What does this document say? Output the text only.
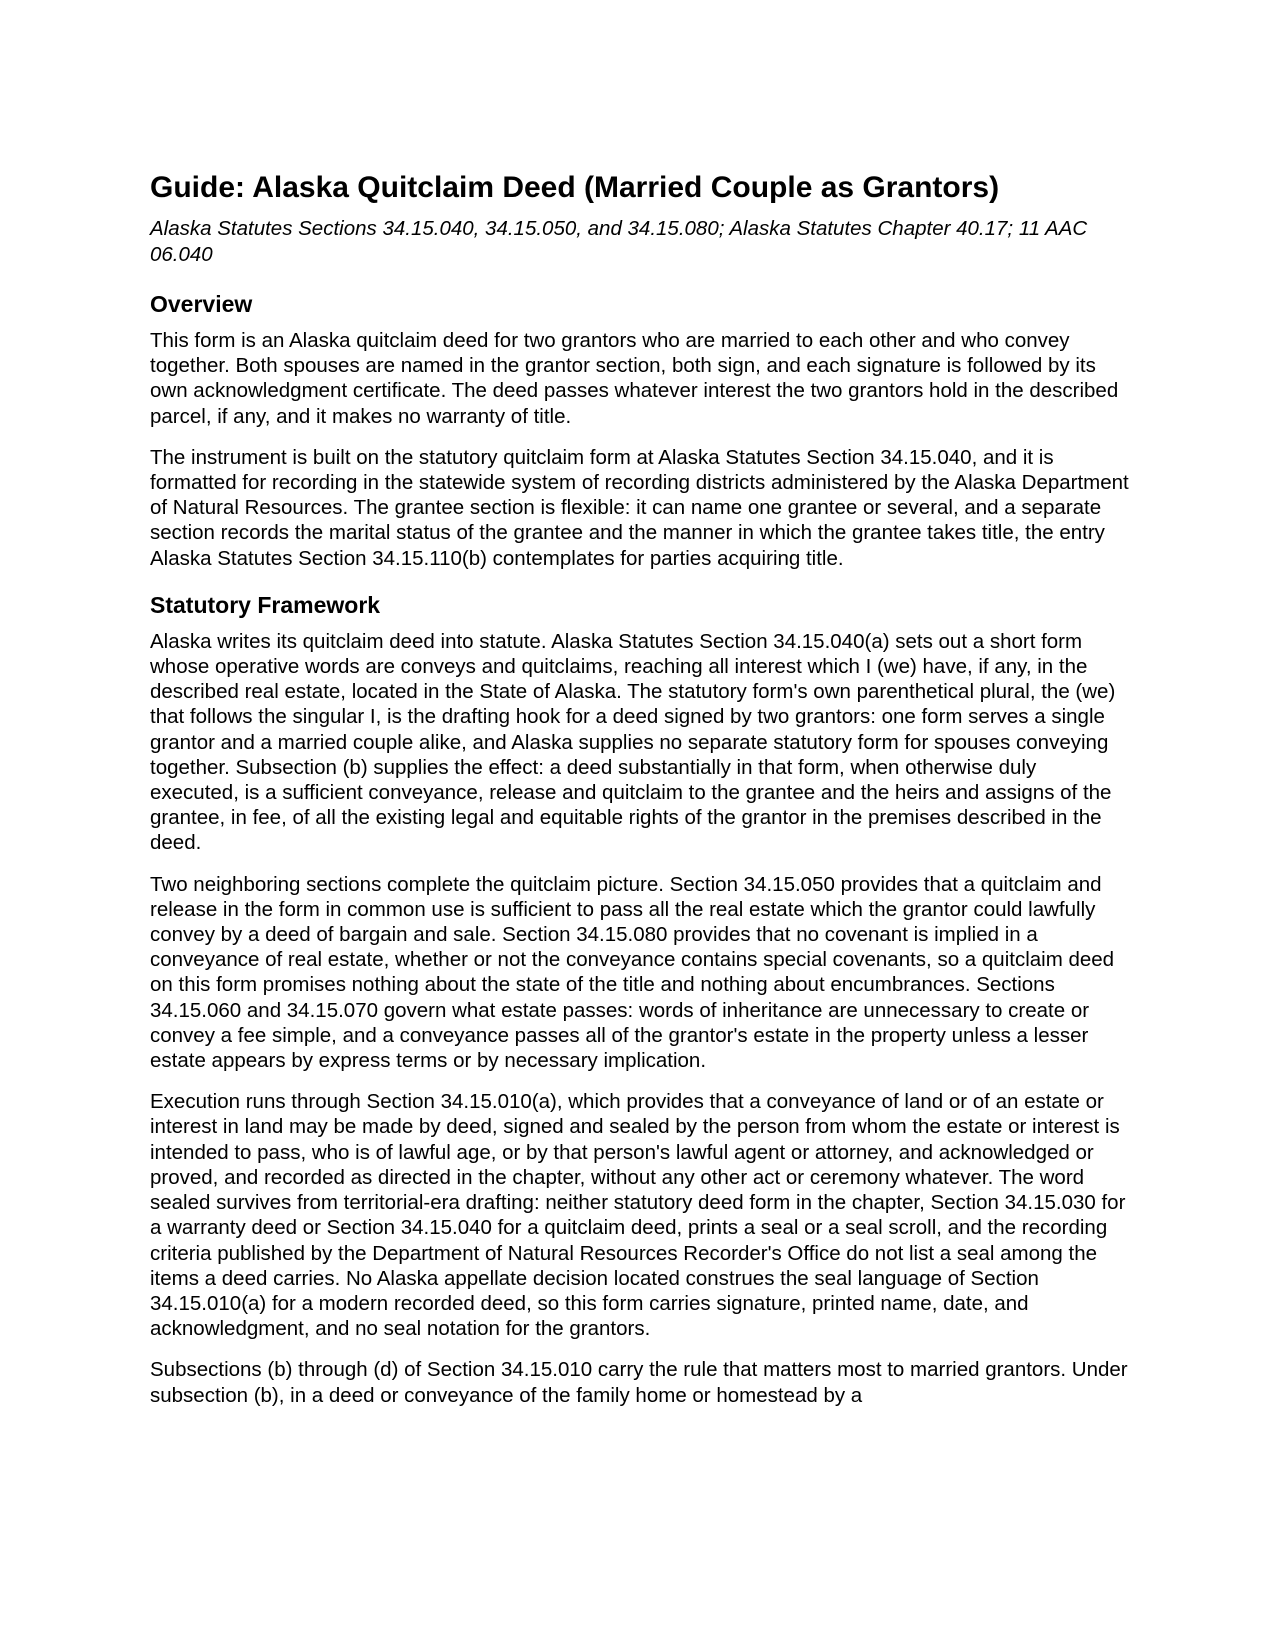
Guide: Alaska Quitclaim Deed (Married Couple as Grantors)
Alaska Statutes Sections 34.15.040, 34.15.050, and 34.15.080; Alaska Statutes Chapter 40.17; 11 AAC 06.040
Overview

This form is an Alaska quitclaim deed for two grantors who are married to each other and who convey together. Both spouses are named in the grantor section, both sign, and each signature is followed by its own acknowledgment certificate. The deed passes whatever interest the two grantors hold in the described parcel, if any, and it makes no warranty of title.

The instrument is built on the statutory quitclaim form at Alaska Statutes Section 34.15.040, and it is formatted for recording in the statewide system of recording districts administered by the Alaska Department of Natural Resources. The grantee section is flexible: it can name one grantee or several, and a separate section records the marital status of the grantee and the manner in which the grantee takes title, the entry Alaska Statutes Section 34.15.110(b) contemplates for parties acquiring title.

Statutory Framework

Alaska writes its quitclaim deed into statute. Alaska Statutes Section 34.15.040(a) sets out a short form whose operative words are conveys and quitclaims, reaching all interest which I (we) have, if any, in the described real estate, located in the State of Alaska. The statutory form's own parenthetical plural, the (we) that follows the singular I, is the drafting hook for a deed signed by two grantors: one form serves a single grantor and a married couple alike, and Alaska supplies no separate statutory form for spouses conveying together. Subsection (b) supplies the effect: a deed substantially in that form, when otherwise duly executed, is a sufficient conveyance, release and quitclaim to the grantee and the heirs and assigns of the grantee, in fee, of all the existing legal and equitable rights of the grantor in the premises described in the deed.

Two neighboring sections complete the quitclaim picture. Section 34.15.050 provides that a quitclaim and release in the form in common use is sufficient to pass all the real estate which the grantor could lawfully convey by a deed of bargain and sale. Section 34.15.080 provides that no covenant is implied in a conveyance of real estate, whether or not the conveyance contains special covenants, so a quitclaim deed on this form promises nothing about the state of the title and nothing about encumbrances. Sections 34.15.060 and 34.15.070 govern what estate passes: words of inheritance are unnecessary to create or convey a fee simple, and a conveyance passes all of the grantor's estate in the property unless a lesser estate appears by express terms or by necessary implication.

Execution runs through Section 34.15.010(a), which provides that a conveyance of land or of an estate or interest in land may be made by deed, signed and sealed by the person from whom the estate or interest is intended to pass, who is of lawful age, or by that person's lawful agent or attorney, and acknowledged or proved, and recorded as directed in the chapter, without any other act or ceremony whatever. The word sealed survives from territorial-era drafting: neither statutory deed form in the chapter, Section 34.15.030 for a warranty deed or Section 34.15.040 for a quitclaim deed, prints a seal or a seal scroll, and the recording criteria published by the Department of Natural Resources Recorder's Office do not list a seal among the items a deed carries. No Alaska appellate decision located construes the seal language of Section 34.15.010(a) for a modern recorded deed, so this form carries signature, printed name, date, and acknowledgment, and no seal notation for the grantors.

Subsections (b) through (d) of Section 34.15.010 carry the rule that matters most to married grantors. Under subsection (b), in a deed or conveyance of the family home or homestead by a
